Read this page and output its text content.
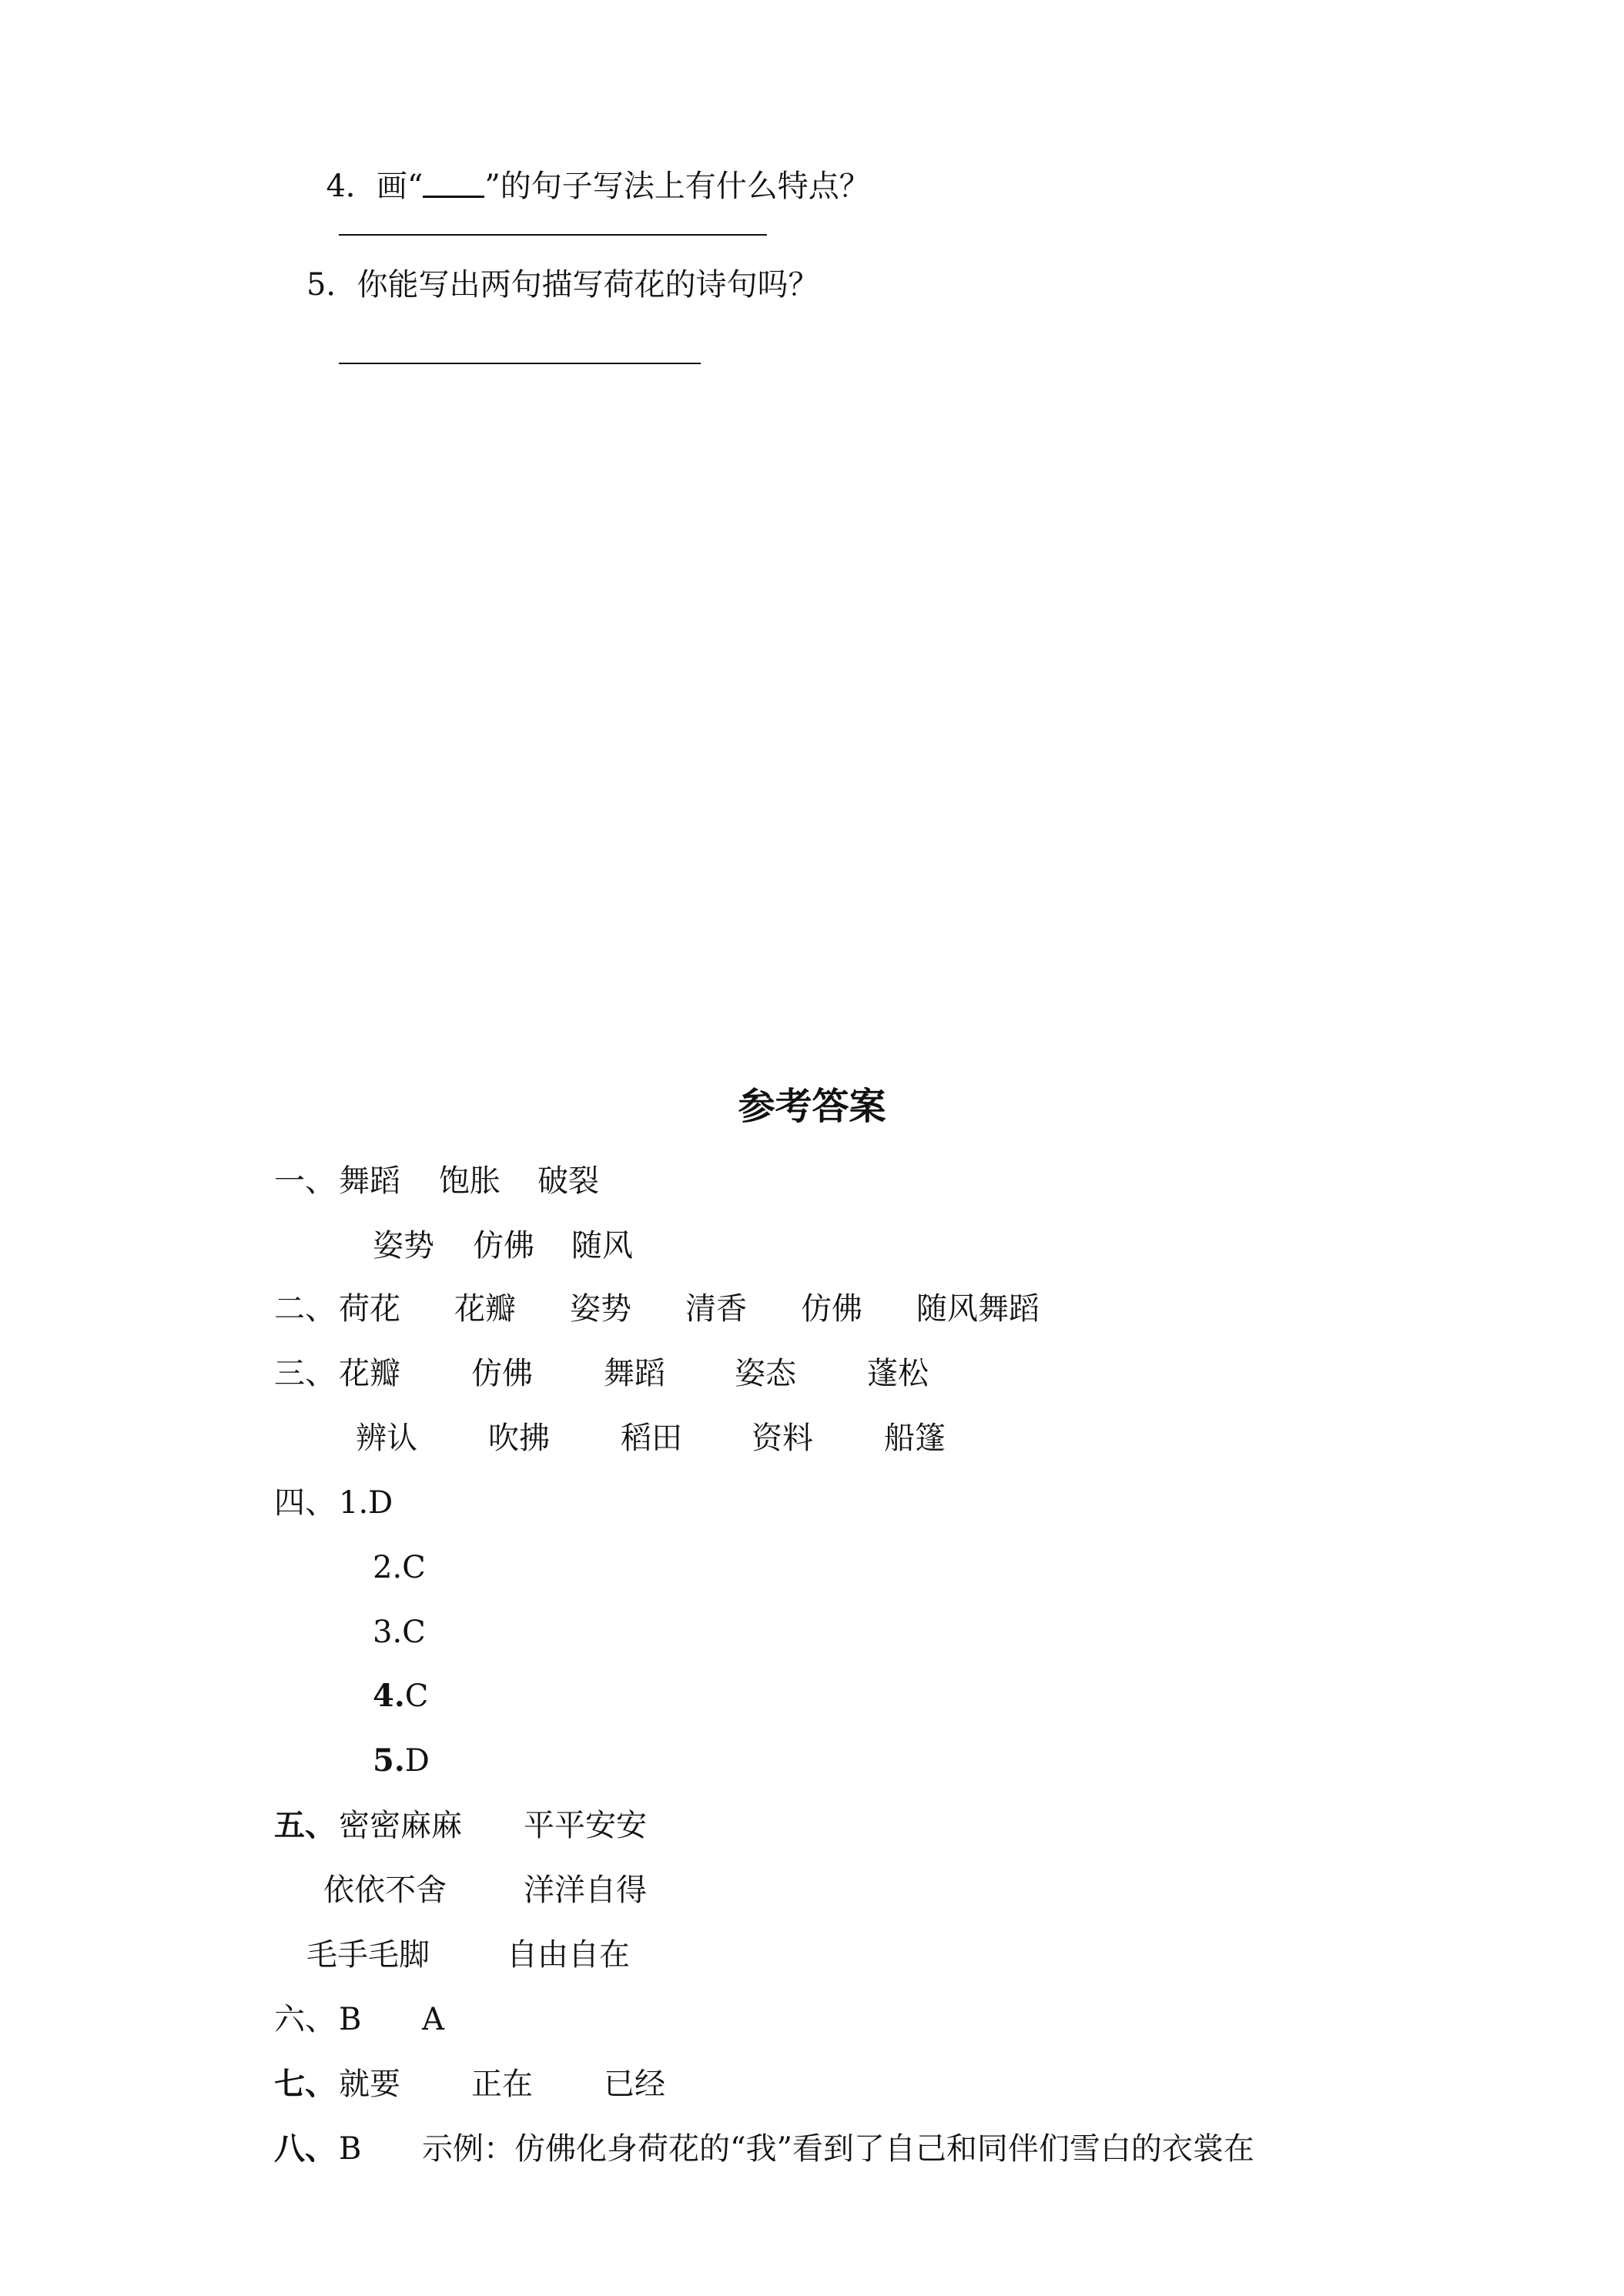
4．画“ ”的句子写法上有什么特点？

5．你能写出两句描写荷花的诗句吗？
参考答案
一、 舞蹈 饱胀 破裂
姿势 仿佛 随风
二、 荷花 花瓣 姿势 清香 仿佛 随风舞蹈
三、 花瓣 仿佛 舞蹈 姿态 蓬松
辨认 吹拂 稻田 资料 船篷
四、 1.D
2.C
3.C
4.C
5.D
五、 密密麻麻 平平安安
依依不舍	洋洋自得
毛手毛脚	自由自在
六、 B A
七、 就要 正在 已经
八、 B 示例：仿佛化身荷花的“我”看到了自己和同伴们雪白的衣裳在
